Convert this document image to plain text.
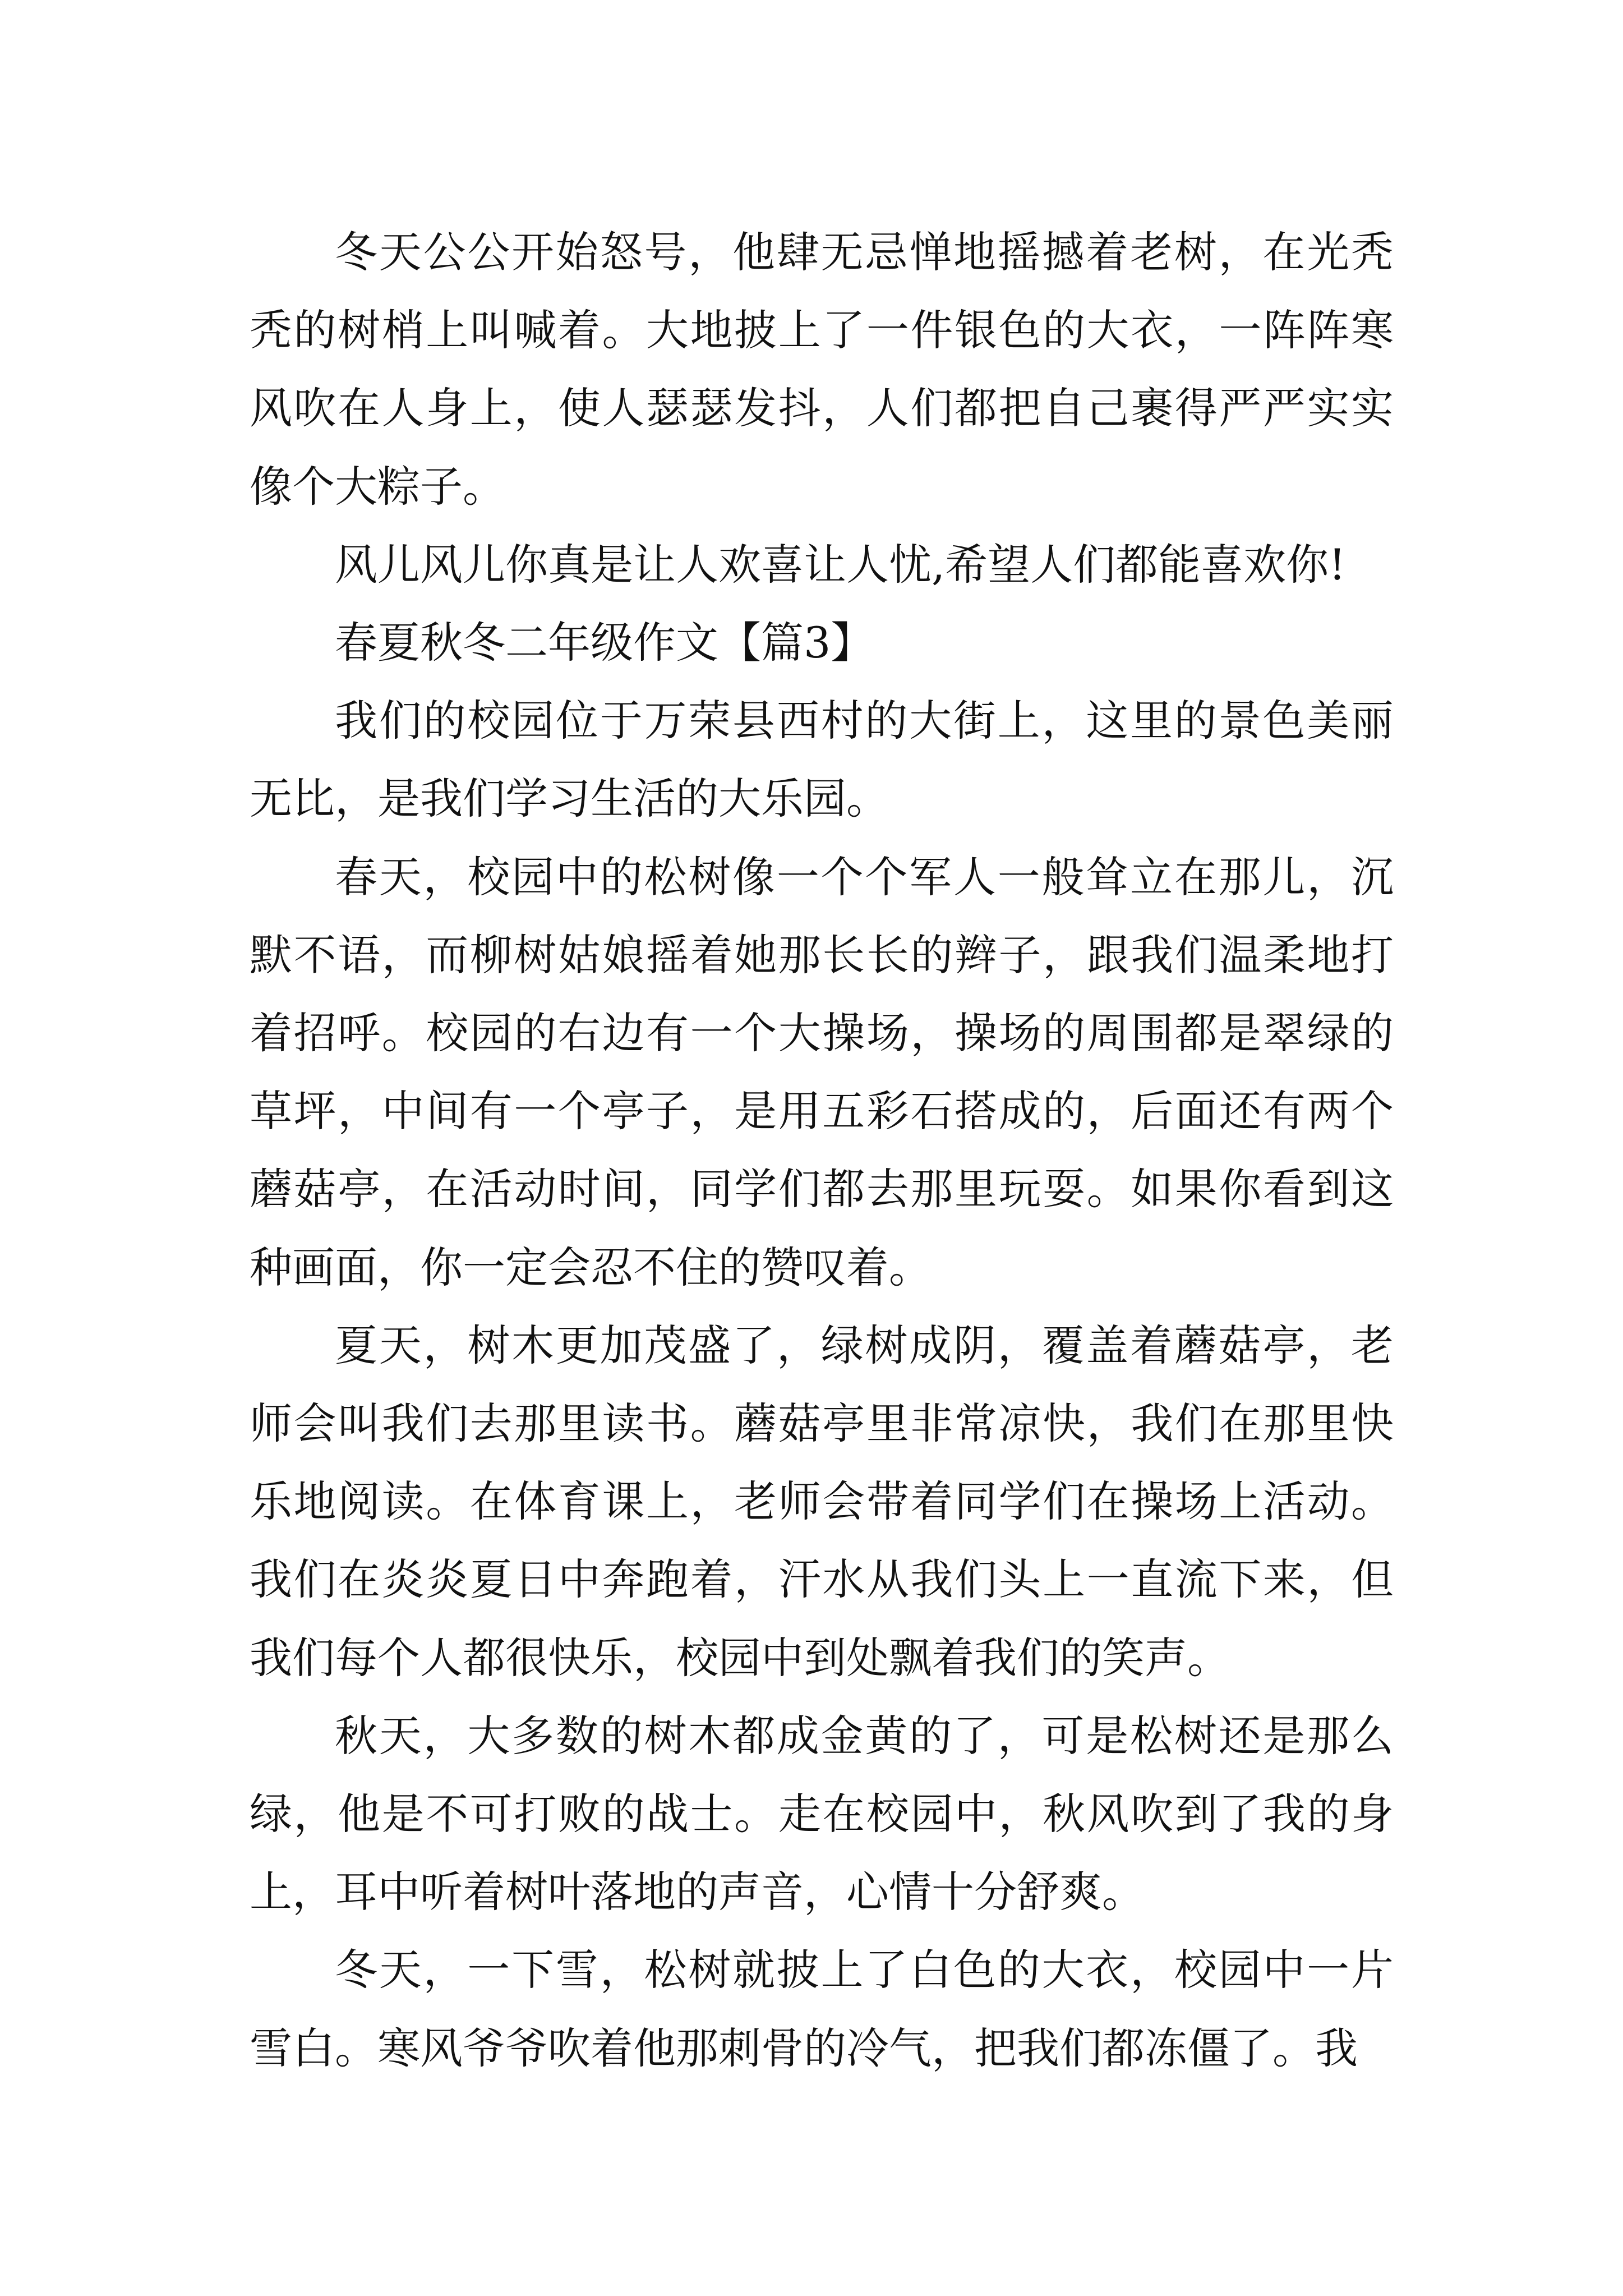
冬天公公开始怒号，他肆无忌惮地摇撼着老树，在光秃秃的树梢上叫喊着。大地披上了一件银色的大衣，一阵阵寒风吹在人身上，使人瑟瑟发抖，人们都把自己裹得严严实实像个大粽子。

风儿风儿你真是让人欢喜让人忧,希望人们都能喜欢你!

春夏秋冬二年级作文【篇3】

我们的校园位于万荣县西村的大街上，这里的景色美丽无比，是我们学习生活的大乐园。

春天，校园中的松树像一个个军人一般耸立在那儿，沉默不语，而柳树姑娘摇着她那长长的辫子，跟我们温柔地打着招呼。校园的右边有一个大操场，操场的周围都是翠绿的草坪，中间有一个亭子，是用五彩石搭成的，后面还有两个蘑菇亭，在活动时间，同学们都去那里玩耍。如果你看到这种画面，你一定会忍不住的赞叹着。

夏天，树木更加茂盛了，绿树成阴，覆盖着蘑菇亭，老师会叫我们去那里读书。蘑菇亭里非常凉快，我们在那里快乐地阅读。在体育课上，老师会带着同学们在操场上活动。我们在炎炎夏日中奔跑着，汗水从我们头上一直流下来，但我们每个人都很快乐，校园中到处飘着我们的笑声。

秋天，大多数的树木都成金黄的了，可是松树还是那么绿，他是不可打败的战士。走在校园中，秋风吹到了我的身上，耳中听着树叶落地的声音，心情十分舒爽。

冬天，一下雪，松树就披上了白色的大衣，校园中一片雪白。寒风爷爷吹着他那刺骨的冷气，把我们都冻僵了。我
